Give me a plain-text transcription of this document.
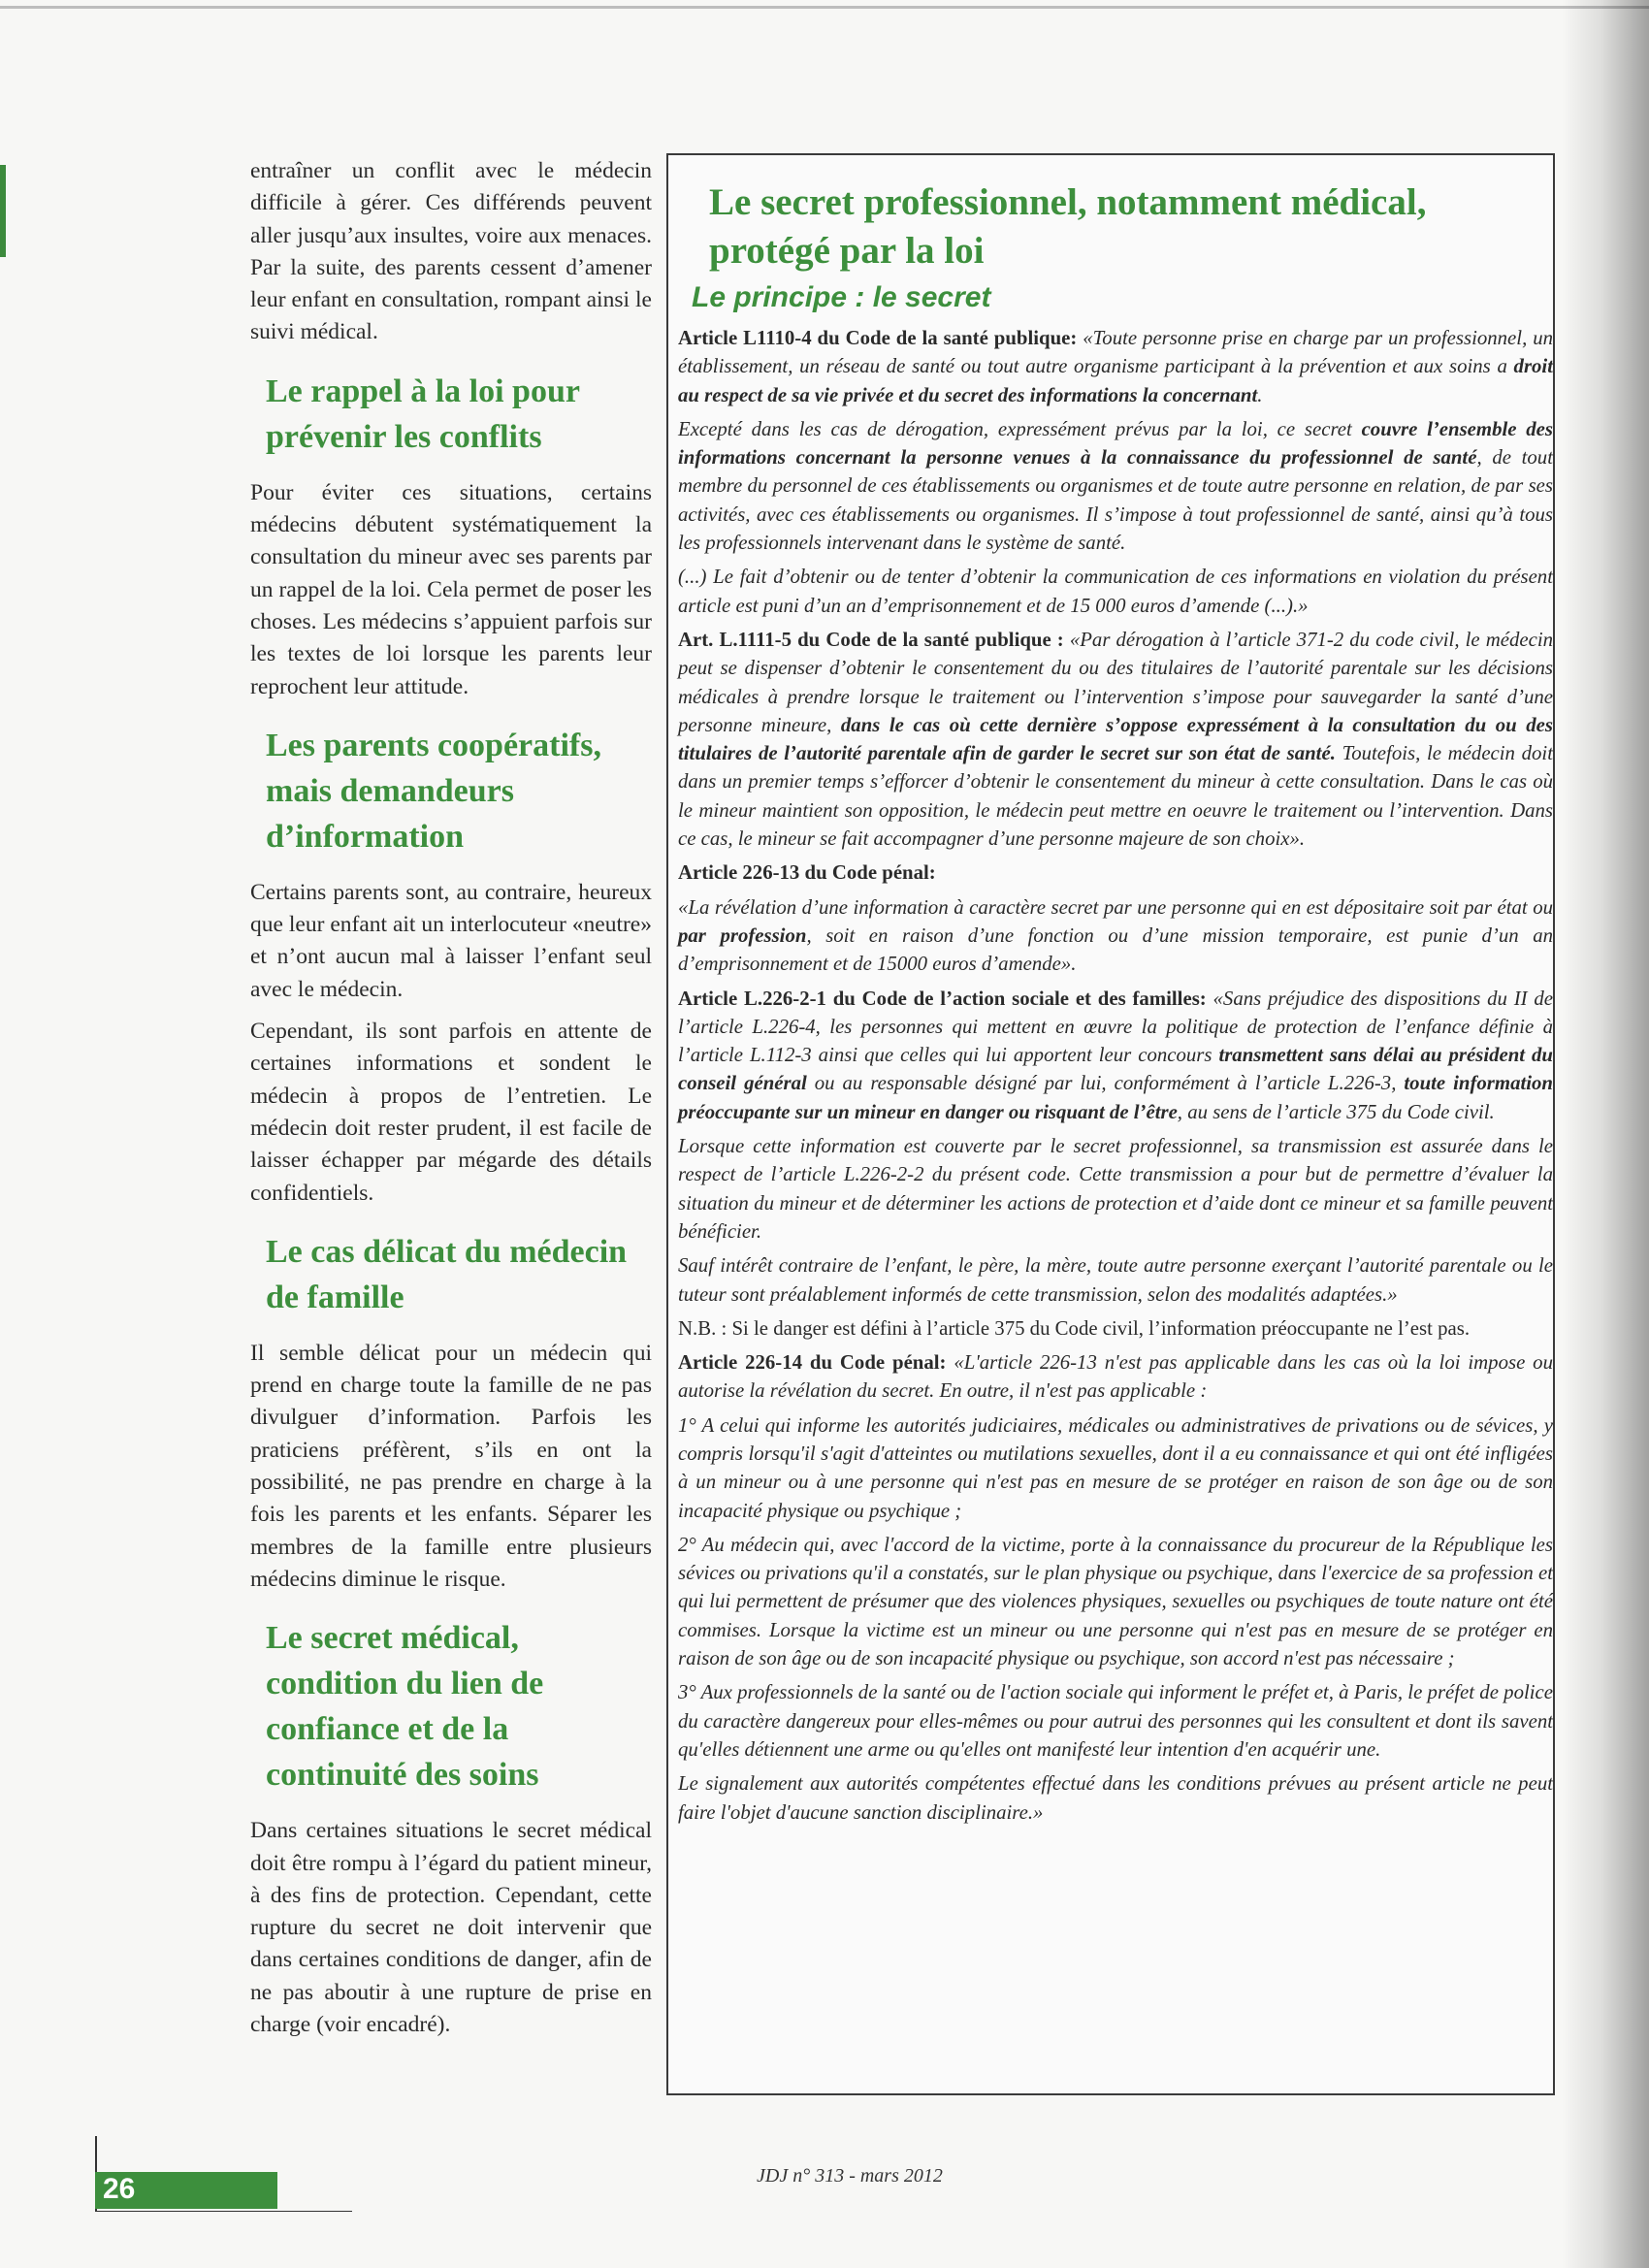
entraîner un conflit avec le médecin difficile à gérer. Ces différends peuvent aller jusqu’aux insultes, voire aux menaces. Par la suite, des parents cessent d’amener leur enfant en consultation, rompant ainsi le suivi médical.

Le rappel à la loi pour prévenir les conflits

Pour éviter ces situations, certains médecins débutent systématiquement la consultation du mineur avec ses parents par un rappel de la loi. Cela permet de poser les choses. Les médecins s’appuient parfois sur les textes de loi lorsque les parents leur reprochent leur attitude.

Les parents coopératifs, mais demandeurs d’information

Certains parents sont, au contraire, heureux que leur enfant ait un interlocuteur «neutre» et n’ont aucun mal à laisser l’enfant seul avec le médecin.

Cependant, ils sont parfois en attente de certaines informations et sondent le médecin à propos de l’entretien. Le médecin doit rester prudent, il est facile de laisser échapper par mégarde des détails confidentiels.

Le cas délicat du médecin de famille

Il semble délicat pour un médecin qui prend en charge toute la famille de ne pas divulguer d’information. Parfois les praticiens préfèrent, s’ils en ont la possibilité, ne pas prendre en charge à la fois les parents et les enfants. Séparer les membres de la famille entre plusieurs médecins diminue le risque.

Le secret médical, condition du lien de confiance et de la continuité des soins

Dans certaines situations le secret médical doit être rompu à l’égard du patient mineur, à des fins de protection. Cependant, cette rupture du secret ne doit intervenir que dans certaines conditions de danger, afin de ne pas aboutir à une rupture de prise en charge (voir encadré).

Le secret professionnel, notamment médical, protégé par la loi
Le principe : le secret

Article L1110-4 du Code de la santé publique: «Toute personne prise en charge par un professionnel, un établissement, un réseau de santé ou tout autre organisme participant à la prévention et aux soins a droit au respect de sa vie privée et du secret des informations la concernant.

Excepté dans les cas de dérogation, expressément prévus par la loi, ce secret couvre l’ensemble des informations concernant la personne venues à la connaissance du professionnel de santé, de tout membre du personnel de ces établissements ou organismes et de toute autre personne en relation, de par ses activités, avec ces établissements ou organismes. Il s’impose à tout professionnel de santé, ainsi qu’à tous les professionnels intervenant dans le système de santé.

(...) Le fait d’obtenir ou de tenter d’obtenir la communication de ces informations en violation du présent article est puni d’un an d’emprisonnement et de 15 000 euros d’amende (...).»

Art. L.1111-5 du Code de la santé publique : «Par dérogation à l’article 371-2 du code civil, le médecin peut se dispenser d’obtenir le consentement du ou des titulaires de l’autorité parentale sur les décisions médicales à prendre lorsque le traitement ou l’intervention s’impose pour sauvegarder la santé d’une personne mineure, dans le cas où cette dernière s’oppose expressément à la consultation du ou des titulaires de l’autorité parentale afin de garder le secret sur son état de santé. Toutefois, le médecin doit dans un premier temps s’efforcer d’obtenir le consentement du mineur à cette consultation. Dans le cas où le mineur maintient son opposition, le médecin peut mettre en oeuvre le traitement ou l’intervention. Dans ce cas, le mineur se fait accompagner d’une personne majeure de son choix».

Article 226-13 du Code pénal:

«La révélation d’une information à caractère secret par une personne qui en est dépositaire soit par état ou par profession, soit en raison d’une fonction ou d’une mission temporaire, est punie d’un an d’emprisonnement et de 15000 euros d’amende».

Article L.226-2-1 du Code de l’action sociale et des familles: «Sans préjudice des dispositions du II de l’article L.226-4, les personnes qui mettent en œuvre la politique de protection de l’enfance définie à l’article L.112-3 ainsi que celles qui lui apportent leur concours transmettent sans délai au président du conseil général ou au responsable désigné par lui, conformément à l’article L.226-3, toute information préoccupante sur un mineur en danger ou risquant de l’être, au sens de l’article 375 du Code civil.

Lorsque cette information est couverte par le secret professionnel, sa transmission est assurée dans le respect de l’article L.226-2-2 du présent code. Cette transmission a pour but de permettre d’évaluer la situation du mineur et de déterminer les actions de protection et d’aide dont ce mineur et sa famille peuvent bénéficier.

Sauf intérêt contraire de l’enfant, le père, la mère, toute autre personne exerçant l’autorité parentale ou le tuteur sont préalablement informés de cette transmission, selon des modalités adaptées.»

N.B. : Si le danger est défini à l’article 375 du Code civil, l’information préoccupante ne l’est pas.

Article 226-14 du Code pénal: «L'article 226-13 n'est pas applicable dans les cas où la loi impose ou autorise la révélation du secret. En outre, il n'est pas applicable :

1° A celui qui informe les autorités judiciaires, médicales ou administratives de privations ou de sévices, y compris lorsqu'il s'agit d'atteintes ou mutilations sexuelles, dont il a eu connaissance et qui ont été infligées à un mineur ou à une personne qui n'est pas en mesure de se protéger en raison de son âge ou de son incapacité physique ou psychique ;

2° Au médecin qui, avec l'accord de la victime, porte à la connaissance du procureur de la République les sévices ou privations qu'il a constatés, sur le plan physique ou psychique, dans l'exercice de sa profession et qui lui permettent de présumer que des violences physiques, sexuelles ou psychiques de toute nature ont été commises. Lorsque la victime est un mineur ou une personne qui n'est pas en mesure de se protéger en raison de son âge ou de son incapacité physique ou psychique, son accord n'est pas nécessaire ;

3° Aux professionnels de la santé ou de l'action sociale qui informent le préfet et, à Paris, le préfet de police du caractère dangereux pour elles-mêmes ou pour autrui des personnes qui les consultent et dont ils savent qu'elles détiennent une arme ou qu'elles ont manifesté leur intention d'en acquérir une.

Le signalement aux autorités compétentes effectué dans les conditions prévues au présent article ne peut faire l'objet d'aucune sanction disciplinaire.»

26	JDJ n° 313 - mars 2012
